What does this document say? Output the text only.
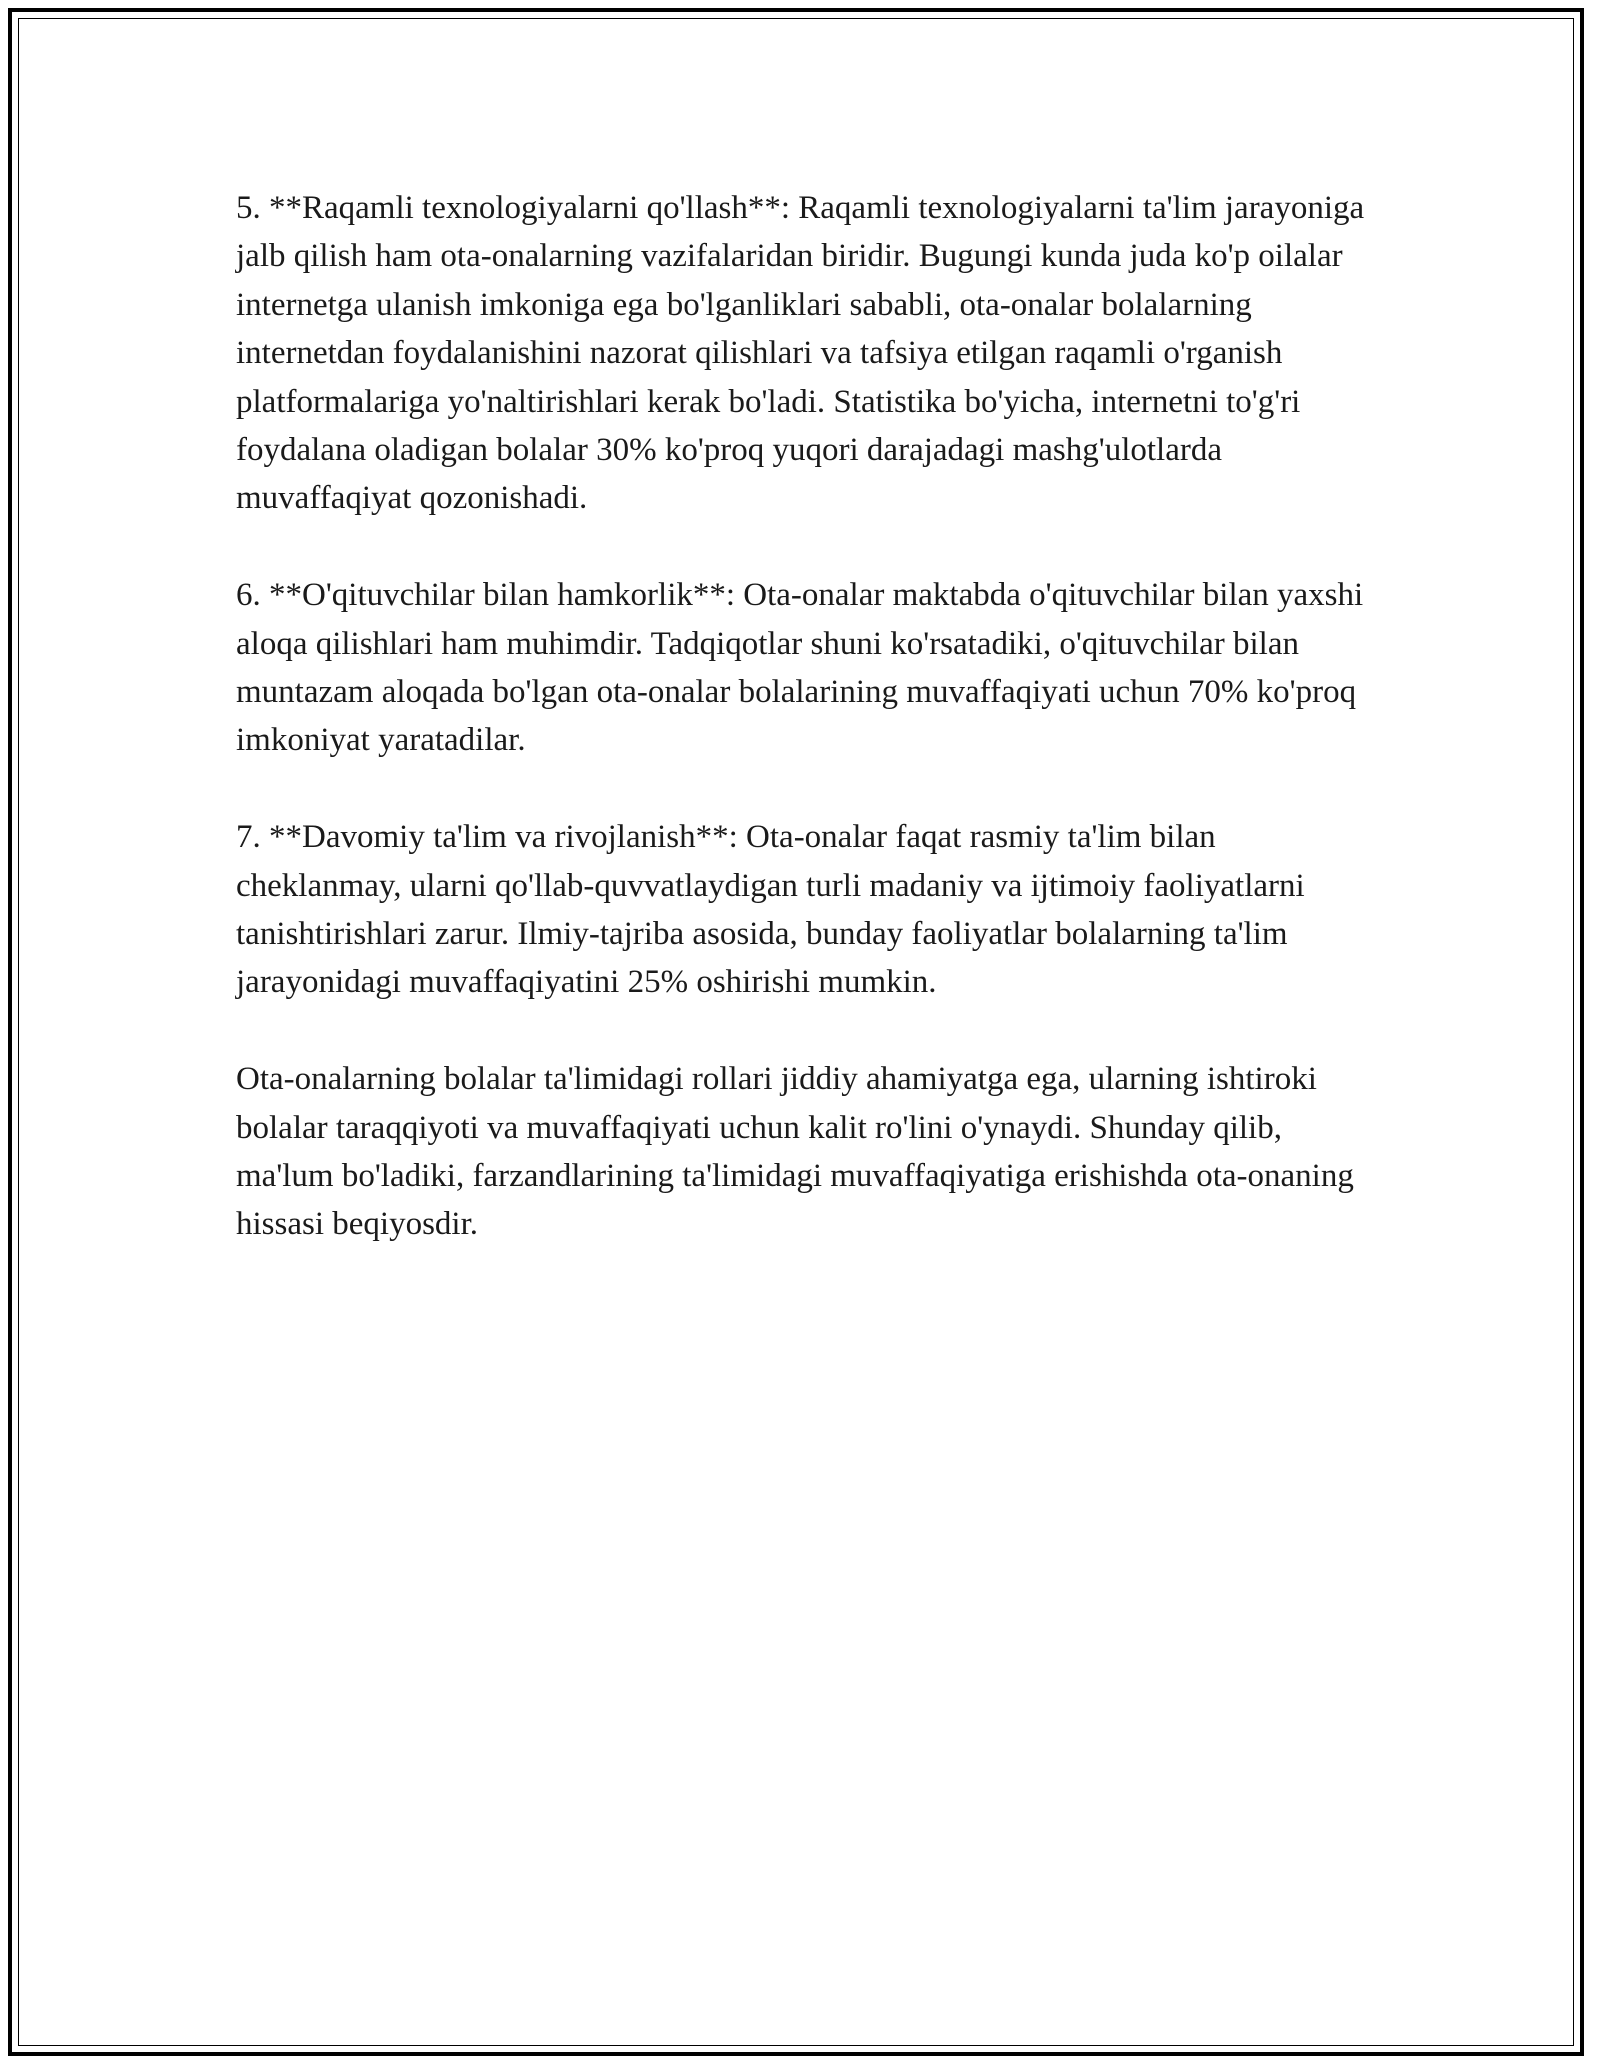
5. **Raqamli texnologiyalarni qo'llash**: Raqamli texnologiyalarni ta'lim jarayoniga jalb qilish ham ota-onalarning vazifalaridan biridir. Bugungi kunda juda ko'p oilalar internetga ulanish imkoniga ega bo'lganliklari sababli, ota-onalar bolalarning internetdan foydalanishini nazorat qilishlari va tafsiya etilgan raqamli o'rganish platformalariga yo'naltirishlari kerak bo'ladi. Statistika bo'yicha, internetni to'g'ri foydalana oladigan bolalar 30% ko'proq yuqori darajadagi mashg'ulotlarda muvaffaqiyat qozonishadi.

6. **O'qituvchilar bilan hamkorlik**: Ota-onalar maktabda o'qituvchilar bilan yaxshi aloqa qilishlari ham muhimdir. Tadqiqotlar shuni ko'rsatadiki, o'qituvchilar bilan muntazam aloqada bo'lgan ota-onalar bolalarining muvaffaqiyati uchun 70% ko'proq imkoniyat yaratadilar.

7. **Davomiy ta'lim va rivojlanish**: Ota-onalar faqat rasmiy ta'lim bilan cheklanmay, ularni qo'llab-quvvatlaydigan turli madaniy va ijtimoiy faoliyatlarni tanishtirishlari zarur. Ilmiy-tajriba asosida, bunday faoliyatlar bolalarning ta'lim jarayonidagi muvaffaqiyatini 25% oshirishi mumkin.

Ota-onalarning bolalar ta'limidagi rollari jiddiy ahamiyatga ega, ularning ishtiroki bolalar taraqqiyoti va muvaffaqiyati uchun kalit ro'lini o'ynaydi. Shunday qilib, ma'lum bo'ladiki, farzandlarining ta'limidagi muvaffaqiyatiga erishishda ota-onaning hissasi beqiyosdir.
